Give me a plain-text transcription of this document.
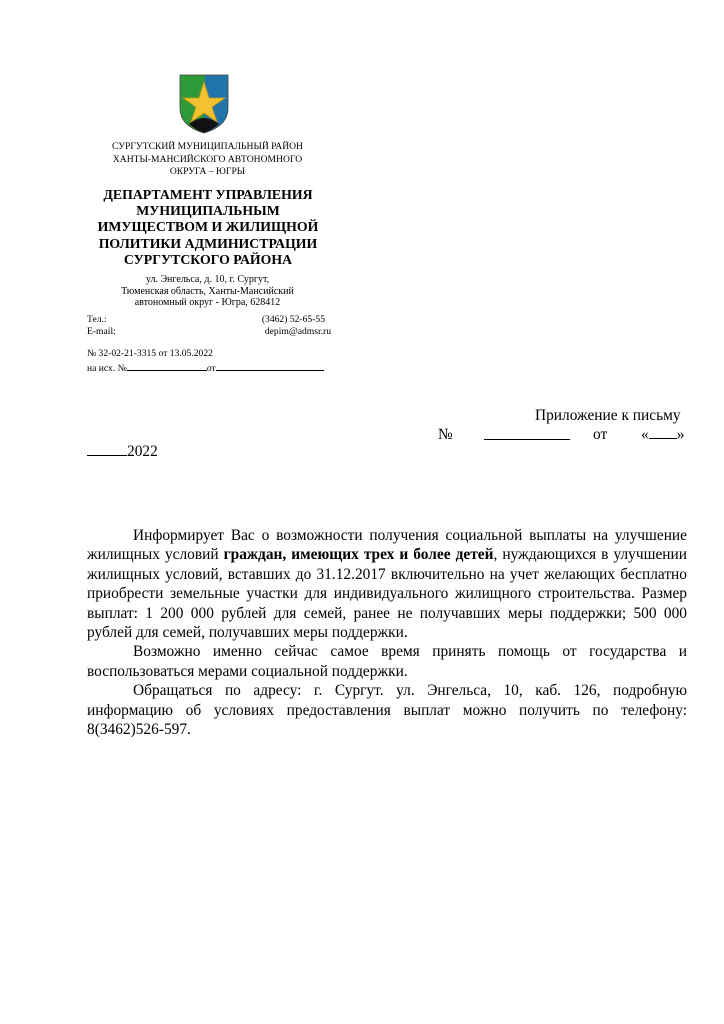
СУРГУТСКИЙ МУНИЦИПАЛЬНЫЙ РАЙОН
ХАНТЫ-МАНСИЙСКОГО АВТОНОМНОГО
ОКРУГА – ЮГРЫ
ДЕПАРТАМЕНТ УПРАВЛЕНИЯ
МУНИЦИПАЛЬНЫМ
ИМУЩЕСТВОМ И ЖИЛИЩНОЙ
ПОЛИТИКИ АДМИНИСТРАЦИИ
СУРГУТСКОГО РАЙОНА
ул. Энгельса, д. 10, г. Сургут,
Тюменская область, Ханты-Мансийский
автономный округ - Югра, 628412
Тел.:	(3462) 52-65-55
E-mail:	depim@admsr.ru
№ 32-02-21-3315 от 13.05.2022
на исх. №	от
Приложение к письму
№	от « »
2022

Информирует Вас о возможности получения социальной выплаты на улучшение жилищных условий граждан, имеющих трех и более детей, нуждающихся в улучшении жилищных условий, вставших до 31.12.2017 включительно на учет желающих бесплатно приобрести земельные участки для индивидуального жилищного строительства. Размер выплат: 1 200 000 рублей для семей, ранее не получавших меры поддержки; 500 000 рублей для семей, получавших меры поддержки.

Возможно именно сейчас самое время принять помощь от государства и воспользоваться мерами социальной поддержки.

Обращаться по адресу: г. Сургут. ул. Энгельса, 10, каб. 126, подробную информацию об условиях предоставления выплат можно получить по телефону: 8(3462)526-597.
